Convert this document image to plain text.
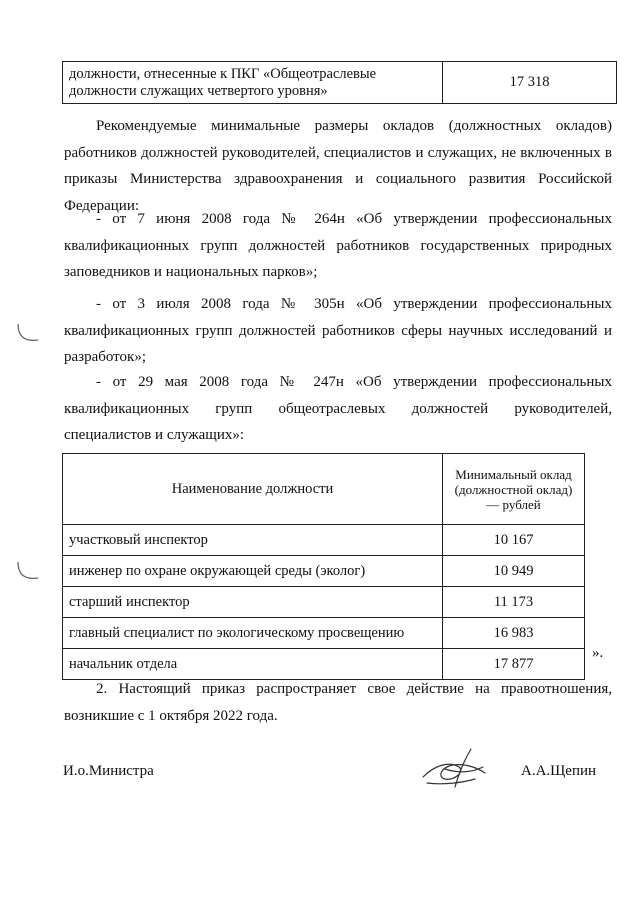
должности, отнесенные к ПКГ «Общеотраслевые должности служащих четвертого уровня»	17 318

Рекомендуемые минимальные размеры окладов (должностных окладов) работников должностей руководителей, специалистов и служащих, не включенных в приказы Министерства здравоохранения и социального развития Российской Федерации:

- от 7 июня 2008 года № 264н «Об утверждении профессиональных квалификационных групп должностей работников государственных природных заповедников и национальных парков»;

- от 3 июля 2008 года № 305н «Об утверждении профессиональных квалификационных групп должностей работников сферы научных исследований и разработок»;

- от 29 мая 2008 года № 247н «Об утверждении профессиональных квалификационных групп общеотраслевых должностей руководителей, специалистов и служащих»:

Наименование должности	Минимальный оклад (должностной оклад) — рублей
участковый инспектор	10 167
инженер по охране окружающей среды (эколог)	10 949
старший инспектор	11 173
главный специалист по экологическому просвещению	16 983
начальник отдела	17 877
».

2. Настоящий приказ распространяет свое действие на правоотношения, возникшие с 1 октября 2022 года.

И.о.Министра	А.А.Щепин
